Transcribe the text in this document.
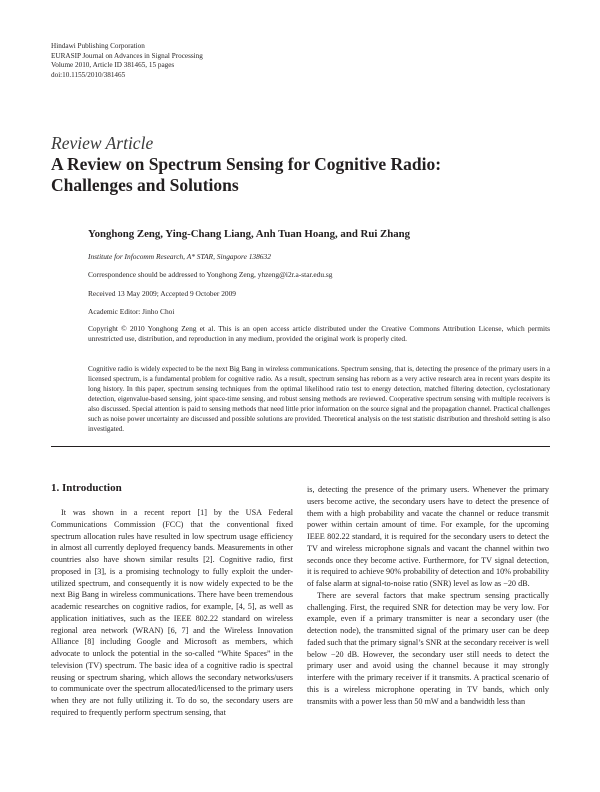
Hindawi Publishing Corporation
EURASIP Journal on Advances in Signal Processing
Volume 2010, Article ID 381465, 15 pages
doi:10.1155/2010/381465
Review Article
A Review on Spectrum Sensing for Cognitive Radio:
Challenges and Solutions
Yonghong Zeng, Ying-Chang Liang, Anh Tuan Hoang, and Rui Zhang
Institute for Infocomm Research, A* STAR, Singapore 138632
Correspondence should be addressed to Yonghong Zeng, yhzeng@i2r.a-star.edu.sg
Received 13 May 2009; Accepted 9 October 2009
Academic Editor: Jinho Choi
Copyright © 2010 Yonghong Zeng et al. This is an open access article distributed under the Creative Commons Attribution License, which permits unrestricted use, distribution, and reproduction in any medium, provided the original work is properly cited.
Cognitive radio is widely expected to be the next Big Bang in wireless communications. Spectrum sensing, that is, detecting the presence of the primary users in a licensed spectrum, is a fundamental problem for cognitive radio. As a result, spectrum sensing has reborn as a very active research area in recent years despite its long history. In this paper, spectrum sensing techniques from the optimal likelihood ratio test to energy detection, matched filtering detection, cyclostationary detection, eigenvalue-based sensing, joint space-time sensing, and robust sensing methods are reviewed. Cooperative spectrum sensing with multiple receivers is also discussed. Special attention is paid to sensing methods that need little prior information on the source signal and the propagation channel. Practical challenges such as noise power uncertainty are discussed and possible solutions are provided. Theoretical analysis on the test statistic distribution and threshold setting is also investigated.
1. Introduction

It was shown in a recent report [1] by the USA Federal Communications Commission (FCC) that the conventional fixed spectrum allocation rules have resulted in low spectrum usage efficiency in almost all currently deployed frequency bands. Measurements in other countries also have shown similar results [2]. Cognitive radio, first proposed in [3], is a promising technology to fully exploit the under-utilized spectrum, and consequently it is now widely expected to be the next Big Bang in wireless communications. There have been tremendous academic researches on cognitive radios, for example, [4, 5], as well as application initiatives, such as the IEEE 802.22 standard on wireless regional area network (WRAN) [6, 7] and the Wireless Innovation Alliance [8] including Google and Microsoft as members, which advocate to unlock the potential in the so-called “White Spaces” in the television (TV) spectrum. The basic idea of a cognitive radio is spectral reusing or spectrum sharing, which allows the secondary networks/users to communicate over the spectrum allocated/licensed to the primary users when they are not fully utilizing it. To do so, the secondary users are required to frequently perform spectrum sensing, that

is, detecting the presence of the primary users. Whenever the primary users become active, the secondary users have to detect the presence of them with a high probability and vacate the channel or reduce transmit power within certain amount of time. For example, for the upcoming IEEE 802.22 standard, it is required for the secondary users to detect the TV and wireless microphone signals and vacant the channel within two seconds once they become active. Furthermore, for TV signal detection, it is required to achieve 90% probability of detection and 10% probability of false alarm at signal-to-noise ratio (SNR) level as low as −20 dB.

There are several factors that make spectrum sensing practically challenging. First, the required SNR for detection may be very low. For example, even if a primary transmitter is near a secondary user (the detection node), the transmitted signal of the primary user can be deep faded such that the primary signal’s SNR at the secondary receiver is well below −20 dB. However, the secondary user still needs to detect the primary user and avoid using the channel because it may strongly interfere with the primary receiver if it transmits. A practical scenario of this is a wireless microphone operating in TV bands, which only transmits with a power less than 50 mW and a bandwidth less than
